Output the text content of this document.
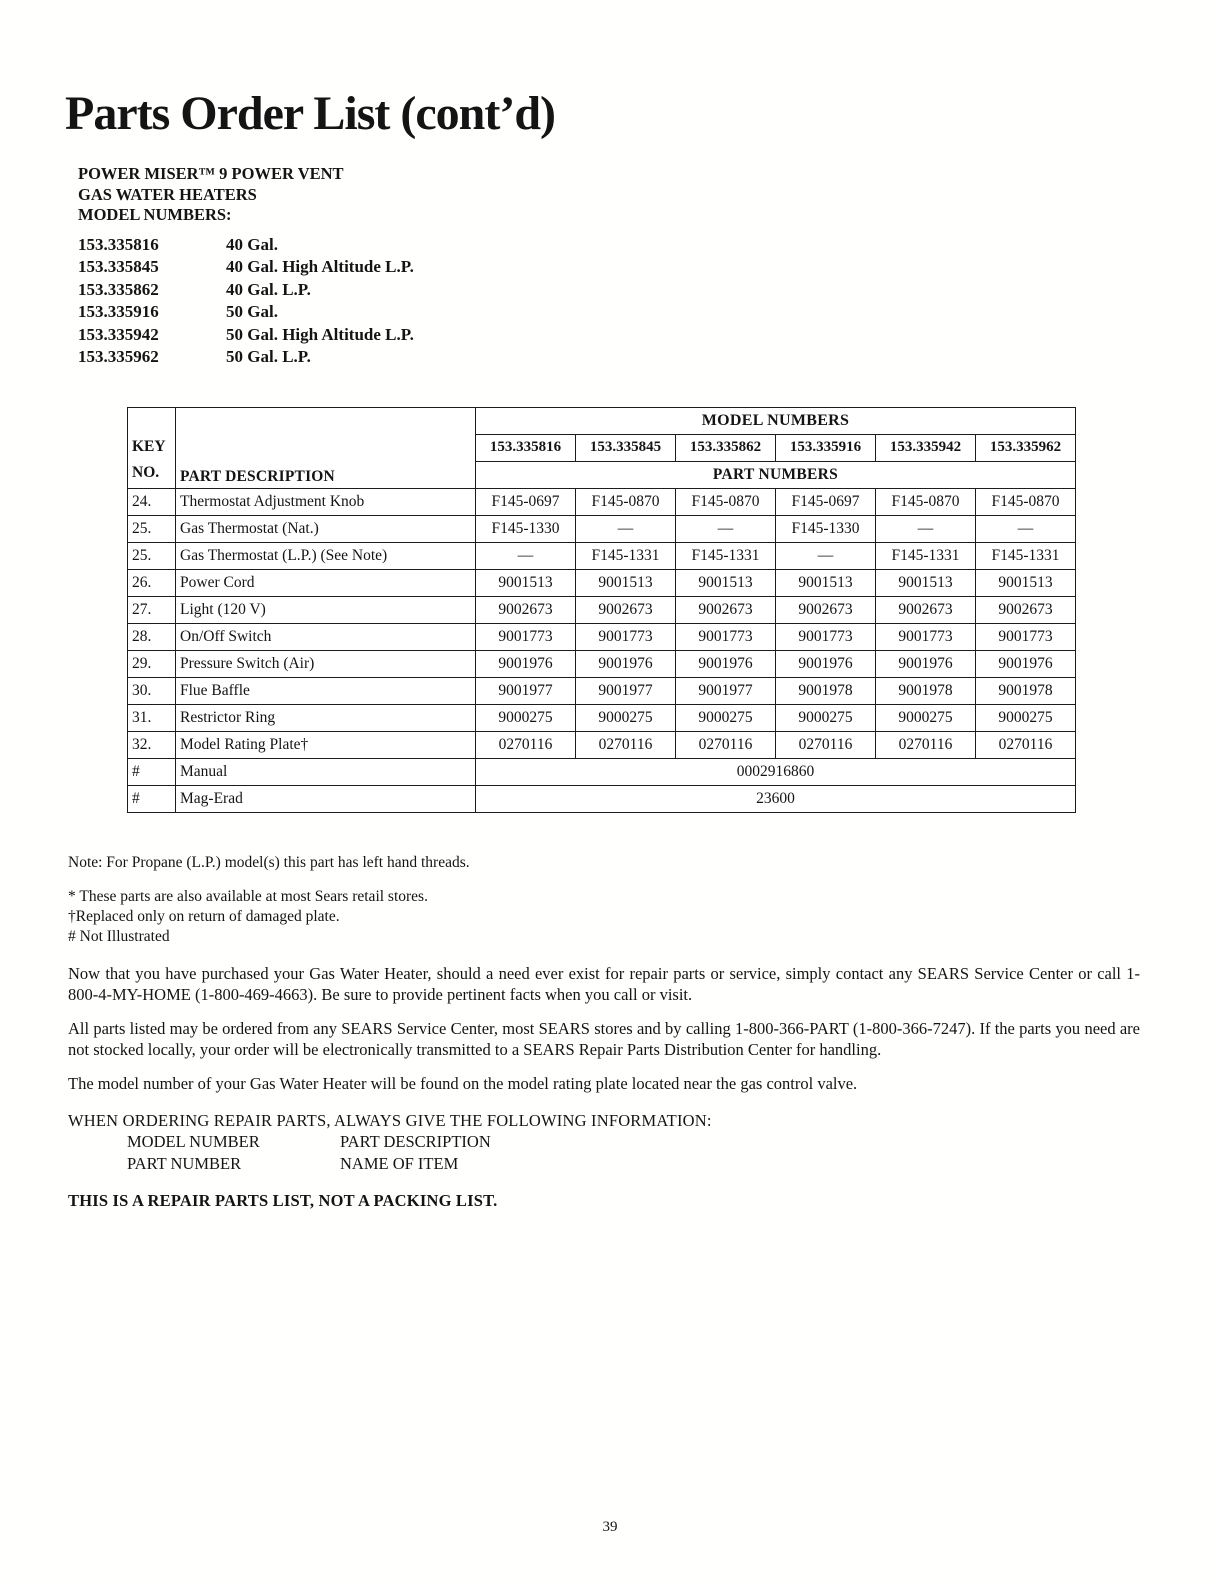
Parts Order List (cont’d)
POWER MISER™ 9 POWER VENT
GAS WATER HEATERS
MODEL NUMBERS:
153.335816	40 Gal.
153.335845	40 Gal. High Altitude L.P.
153.335862	40 Gal. L.P.
153.335916	50 Gal.
153.335942	50 Gal. High Altitude L.P.
153.335962	50 Gal. L.P.
KEY
NO.	PART DESCRIPTION	MODEL NUMBERS					
		153.335816	153.335845	153.335862	153.335916	153.335942	153.335962
		PART NUMBERS					
24.	Thermostat Adjustment Knob	F145-0697	F145-0870	F145-0870	F145-0697	F145-0870	F145-0870
25.	Gas Thermostat (Nat.)	F145-1330	—	—	F145-1330	—	—
25.	Gas Thermostat (L.P.) (See Note)	—	F145-1331	F145-1331	—	F145-1331	F145-1331
26.	Power Cord	9001513	9001513	9001513	9001513	9001513	9001513
27.	Light (120 V)	9002673	9002673	9002673	9002673	9002673	9002673
28.	On/Off Switch	9001773	9001773	9001773	9001773	9001773	9001773
29.	Pressure Switch (Air)	9001976	9001976	9001976	9001976	9001976	9001976
30.	Flue Baffle	9001977	9001977	9001977	9001978	9001978	9001978
31.	Restrictor Ring	9000275	9000275	9000275	9000275	9000275	9000275
32.	Model Rating Plate†	0270116	0270116	0270116	0270116	0270116	0270116
#	Manual	0002916860					
#	Mag-Erad	23600					
Note: For Propane (L.P.) model(s) this part has left hand threads.
* These parts are also available at most Sears retail stores.
†Replaced only on return of damaged plate.
# Not Illustrated

Now that you have purchased your Gas Water Heater, should a need ever exist for repair parts or service, simply contact any SEARS Service Center or call 1-800-4-MY-HOME (1-800-469-4663). Be sure to provide pertinent facts when you call or visit.

All parts listed may be ordered from any SEARS Service Center, most SEARS stores and by calling 1-800-366-PART (1-800-366-7247). If the parts you need are not stocked locally, your order will be electronically transmitted to a SEARS Repair Parts Distribution Center for handling.

The model number of your Gas Water Heater will be found on the model rating plate located near the gas control valve.

WHEN ORDERING REPAIR PARTS, ALWAYS GIVE THE FOLLOWING INFORMATION:
MODEL NUMBER	PART DESCRIPTION
PART NUMBER	NAME OF ITEM
THIS IS A REPAIR PARTS LIST, NOT A PACKING LIST.
39
